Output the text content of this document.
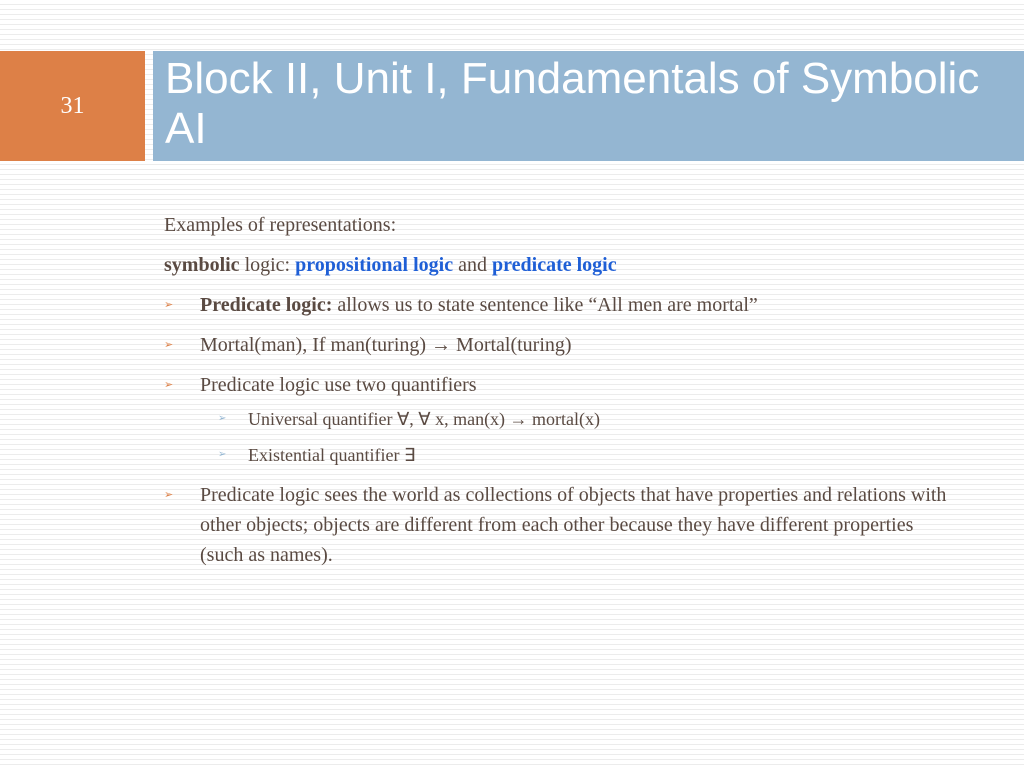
31
Block II, Unit I, Fundamentals of Symbolic AI
Examples of representations:
symbolic logic: propositional logic and predicate logic
➢	Predicate logic: allows us to state sentence like “All men are mortal”
➢	Mortal(man), If man(turing) → Mortal(turing)
➢	Predicate logic use two quantifiers
➢	Universal quantifier ∀, ∀ x, man(x) → mortal(x)
➢	Existential quantifier ∃
➢	Predicate logic sees the world as collections of objects that have properties and relations with other objects; objects are different from each other because they have different properties (such as names).
